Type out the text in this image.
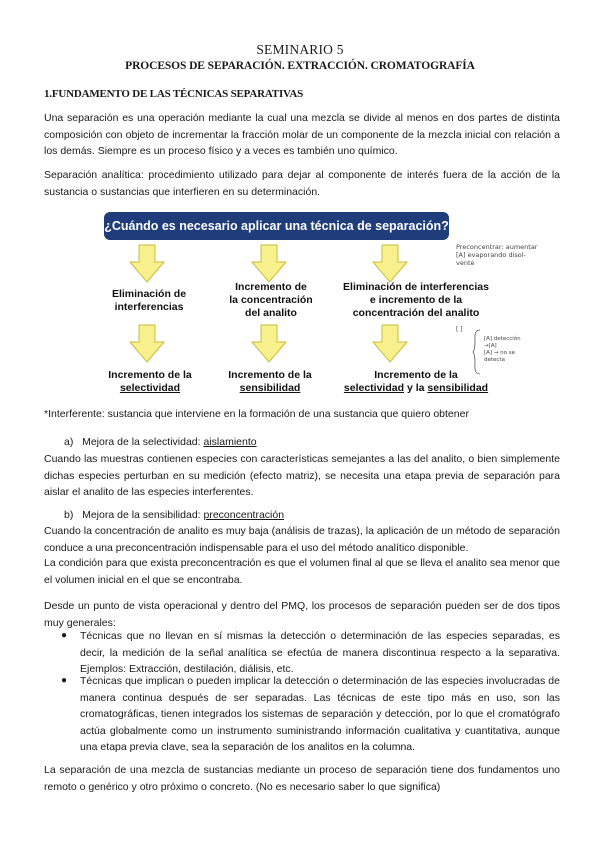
SEMINARIO 5
PROCESOS DE SEPARACIÓN. EXTRACCIÓN. CROMATOGRAFÍA
1.FUNDAMENTO DE LAS TÉCNICAS SEPARATIVAS
Una separación es una operación mediante la cual una mezcla se divide al menos en dos partes de distinta composición con objeto de incrementar la fracción molar de un componente de la mezcla inicial con relación a los demás. Siempre es un proceso físico y a veces es también uno químico.
Separación analítica: procedimiento utilizado para dejar al componente de interés fuera de la acción de la sustancia o sustancias que interfieren en su determinación.
¿Cuándo es necesario aplicar una técnica de separación?
Eliminación de
interferencias
Incremento de
la concentración
del analito
Eliminación de interferencias
e incremento de la
concentración del analito
Incremento de la
selectividad
Incremento de la
sensibilidad
Incremento de la
selectividad y la sensibilidad
Preconcentrar: aumentar
[A] evaporando disol-
vente
[ ]
[A] detección
→[A]
[A] → no se
detecta
*Interferente: sustancia que interviene en la formación de una sustancia que quiero obtener
a)   Mejora de la selectividad: aislamiento
Cuando las muestras contienen especies con características semejantes a las del analito, o bien simplemente dichas especies perturban en su medición (efecto matriz), se necesita una etapa previa de separación para aislar el analito de las especies interferentes.
b)   Mejora de la sensibilidad: preconcentración
Cuando la concentración de analito es muy baja (análisis de trazas), la aplicación de un método de separación conduce a una preconcentración indispensable para el uso del método analítico disponible.
La condición para que exista preconcentración es que el volumen final al que se lleva el analito sea menor que el volumen inicial en el que se encontraba.
Desde un punto de vista operacional y dentro del PMQ, los procesos de separación pueden ser de dos tipos muy generales:
● Técnicas que no llevan en sí mismas la detección o determinación de las especies separadas, es decir, la medición de la señal analítica se efectúa de manera discontinua respecto a la separativa. Ejemplos: Extracción, destilación, diálisis, etc.
● Técnicas que implican o pueden implicar la detección o determinación de las especies involucradas de manera continua después de ser separadas. Las técnicas de este tipo más en uso, son las cromatográficas, tienen integrados los sistemas de separación y detección, por lo que el cromatógrafo actúa globalmente como un instrumento suministrando información cualitativa y cuantitativa, aunque una etapa previa clave, sea la separación de los analitos en la columna.
La separación de una mezcla de sustancias mediante un proceso de separación tiene dos fundamentos uno remoto o genérico y otro próximo o concreto. (No es necesario saber lo que significa)
